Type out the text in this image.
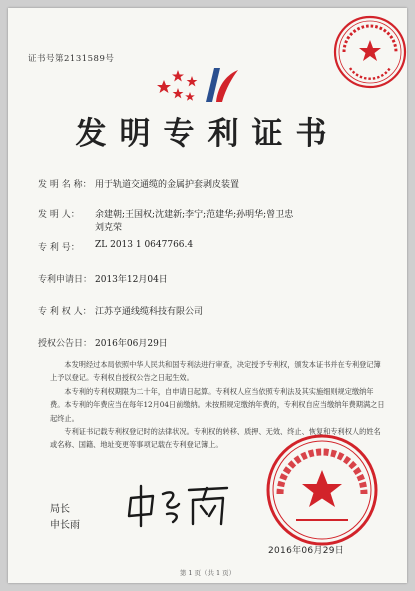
证书号第2131589号
发明专利证书
发 明 名 称： 用于轨道交通缆的金属护套剥皮装置
发 明 人： 余建朝;王国权;沈建新;李宁;范建华;孙明华;曾卫忠
刘克荣
专 利 号： ZL 2013 1 0647766.4
专利申请日： 2013年12月04日
专 利 权 人： 江苏亨通线缆科技有限公司
授权公告日： 2016年06月29日

本发明经过本局依照中华人民共和国专利法进行审查，决定授予专利权，颁发本证书并在专利登记簿上予以登记。专利权自授权公告之日起生效。

本专利的专利权期限为二十年，自申请日起算。专利权人应当依照专利法及其实施细则规定缴纳年费。本专利的年费应当在每年12月04日前缴纳。未按照规定缴纳年费的，专利权自应当缴纳年费期满之日起终止。

专利证书记载专利权登记时的法律状况。专利权的转移、质押、无效、终止、恢复和专利权人的姓名或名称、国籍、地址变更等事项记载在专利登记簿上。

局长
申长雨
2016年06月29日
第 1 页（共 1 页）
